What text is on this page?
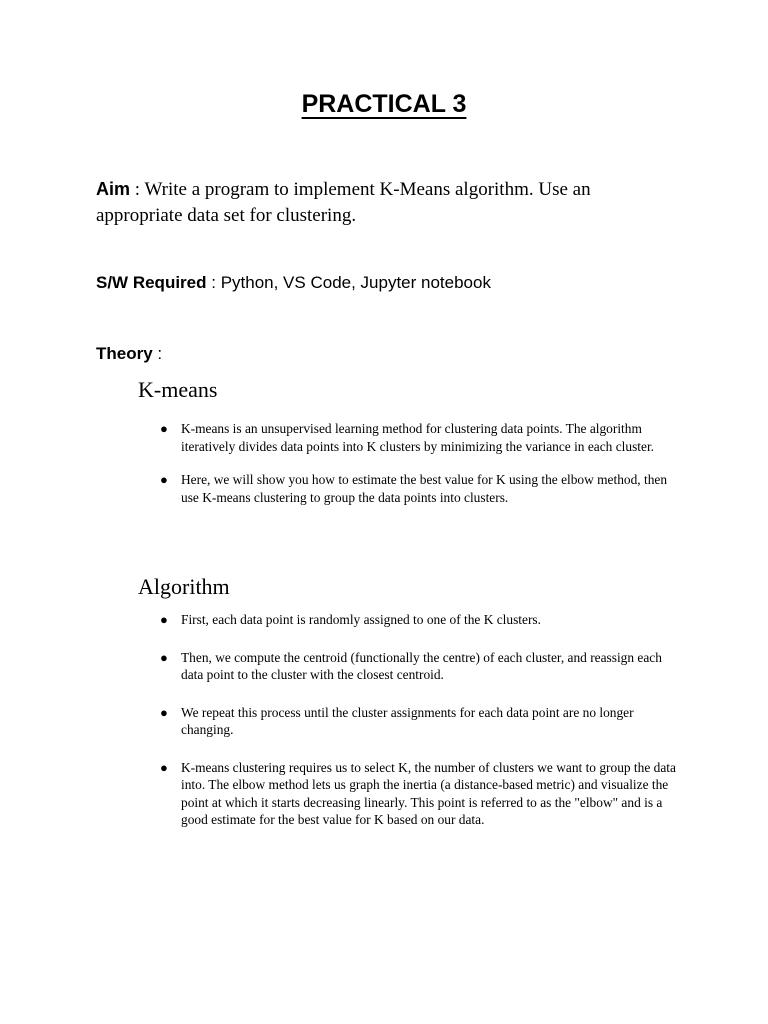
PRACTICAL 3
Aim : Write a program to implement K-Means algorithm. Use an appropriate data set for clustering.
S/W Required : Python, VS Code, Jupyter notebook
Theory :
K-means
● K-means is an unsupervised learning method for clustering data points. The algorithm iteratively divides data points into K clusters by minimizing the variance in each cluster.
● Here, we will show you how to estimate the best value for K using the elbow method, then use K-means clustering to group the data points into clusters.
Algorithm
● First, each data point is randomly assigned to one of the K clusters.
● Then, we compute the centroid (functionally the centre) of each cluster, and reassign each data point to the cluster with the closest centroid.
● We repeat this process until the cluster assignments for each data point are no longer changing.
● K-means clustering requires us to select K, the number of clusters we want to group the data into. The elbow method lets us graph the inertia (a distance-based metric) and visualize the point at which it starts decreasing linearly. This point is referred to as the "elbow" and is a good estimate for the best value for K based on our data.
